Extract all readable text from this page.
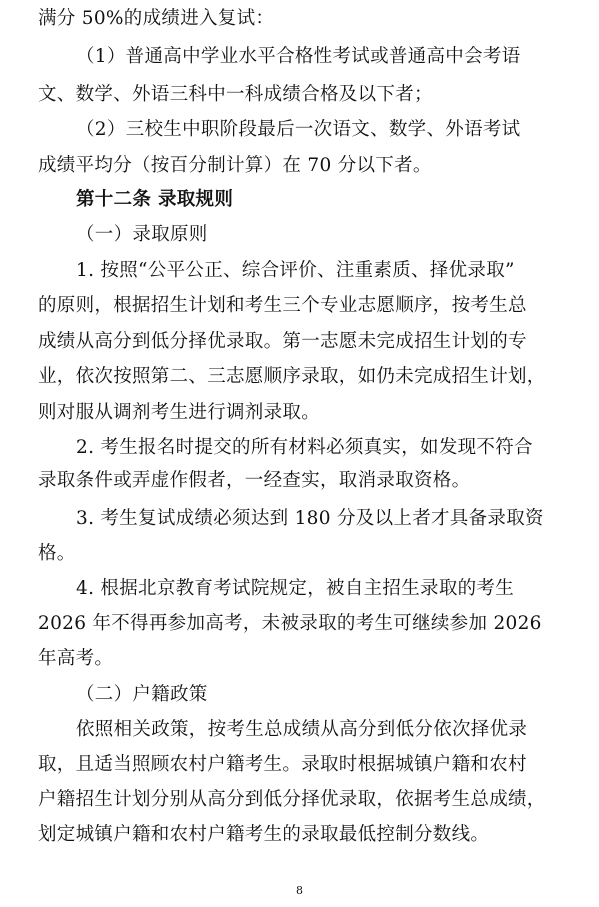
满分 50%的成绩进入复试：
（1）普通高中学业水平合格性考试或普通高中会考语
文、数学、外语三科中一科成绩合格及以下者；
（2）三校生中职阶段最后一次语文、数学、外语考试
成绩平均分（按百分制计算）在 70 分以下者。
第十二条 录取规则
（一）录取原则
1. 按照“公平公正、综合评价、注重素质、择优录取”
的原则，根据招生计划和考生三个专业志愿顺序，按考生总
成绩从高分到低分择优录取。第一志愿未完成招生计划的专
业，依次按照第二、三志愿顺序录取，如仍未完成招生计划，
则对服从调剂考生进行调剂录取。
2. 考生报名时提交的所有材料必须真实，如发现不符合
录取条件或弄虚作假者，一经查实，取消录取资格。
3. 考生复试成绩必须达到 180 分及以上者才具备录取资
格。
4. 根据北京教育考试院规定，被自主招生录取的考生
2026 年不得再参加高考，未被录取的考生可继续参加 2026
年高考。
（二）户籍政策
依照相关政策，按考生总成绩从高分到低分依次择优录
取，且适当照顾农村户籍考生。录取时根据城镇户籍和农村
户籍招生计划分别从高分到低分择优录取，依据考生总成绩，
划定城镇户籍和农村户籍考生的录取最低控制分数线。
8
